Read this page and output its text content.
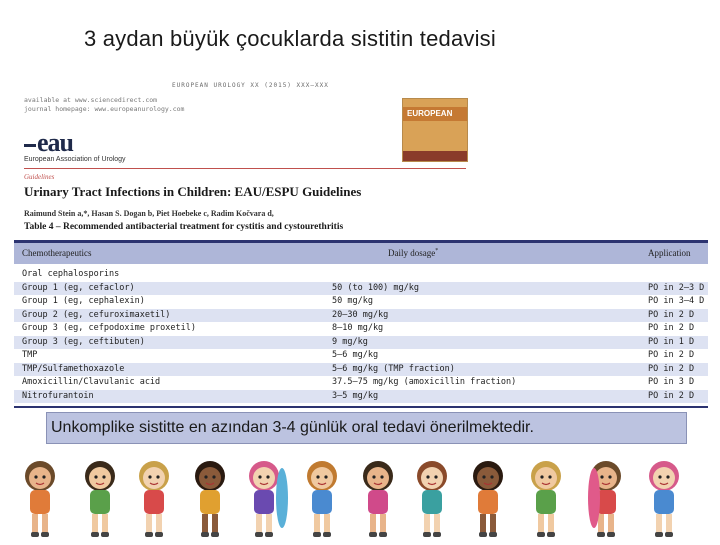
3 aydan büyük çocuklarda sistitin tedavisi
EUROPEAN UROLOGY XX (2015) XXX–XXX
available at www.sciencedirect.com
journal homepage: www.europeanurology.com
eau
European Association of Urology
EUROPEAN
Guidelines
Urinary Tract Infections in Children: EAU/ESPU Guidelines
Raimund Stein a,*, Hasan S. Dogan b, Piet Hoebeke c, Radim Kočvara d,
Table 4 – Recommended antibacterial treatment for cystitis and cystourethritis
Chemotherapeutics	Daily dosage*	Application
Oral cephalosporins
Group 1 (eg, cefaclor)	50 (to 100) mg/kg	PO in 2–3 D
Group 1 (eg, cephalexin)	50 mg/kg	PO in 3–4 D
Group 2 (eg, cefuroximaxetil)	20–30 mg/kg	PO in 2 D
Group 3 (eg, cefpodoxime proxetil)	8–10 mg/kg	PO in 2 D
Group 3 (eg, ceftibuten)	9 mg/kg	PO in 1 D
TMP	5–6 mg/kg	PO in 2 D
TMP/Sulfamethoxazole	5–6 mg/kg (TMP fraction)	PO in 2 D
Amoxicillin/Clavulanic acid	37.5–75 mg/kg (amoxicillin fraction)	PO in 3 D
Nitrofurantoin	3–5 mg/kg	PO in 2 D
Unkomplike sistitte en azından 3-4 günlük oral tedavi önerilmektedir.
